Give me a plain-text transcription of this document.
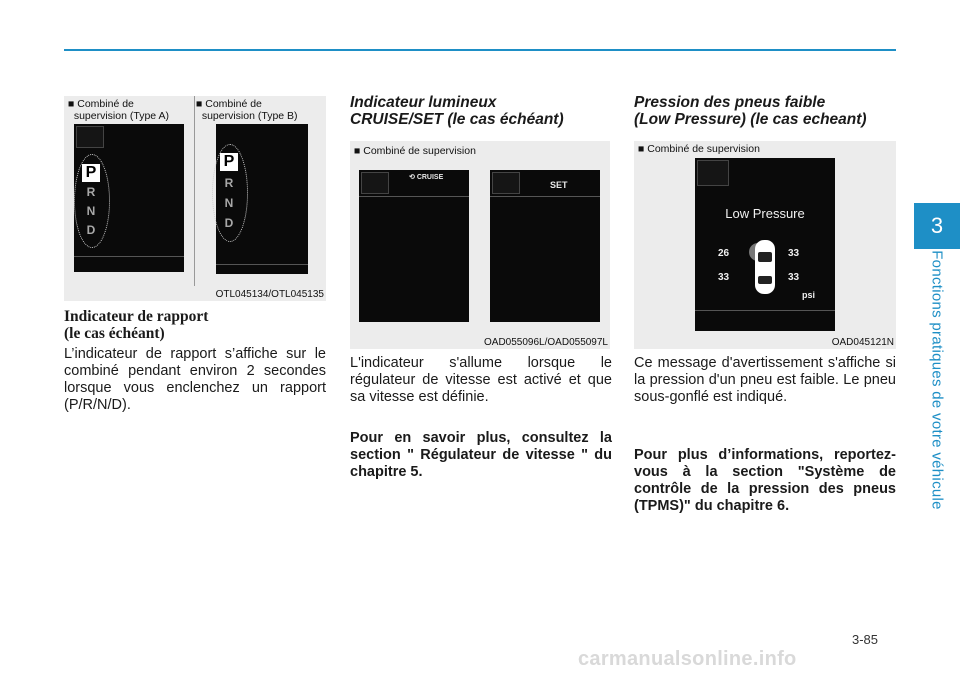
■ Combiné de
supervision (Type A)
■ Combiné de
supervision (Type B)
P
R
N
D
P
R
N
D
OTL045134/OTL045135
Indicateur de rapport
(le cas échéant)
L’indicateur de rapport s’affiche sur le combiné pendant environ 2 secondes lorsque vous enclenchez un rapport (P/R/N/D).
Indicateur lumineux
CRUISE/SET (le cas échéant)
■ Combiné de supervision
⟲ CRUISE
SET
OAD055096L/OAD055097L
L'indicateur s'allume lorsque le régulateur de vitesse est activé et que sa vitesse est définie.
Pour en savoir plus, consultez la section " Régulateur de vitesse " du chapitre 5.
Pression des pneus faible
(Low Pressure) (le cas echeant)
■ Combiné de supervision
Low Pressure
26	33
33	33
psi
OAD045121N
Ce message d'avertissement s'affiche si la pression d'un pneu est faible. Le pneu sous-gonflé est indiqué.
Pour plus d’informations, reportez-vous à la section "Système de contrôle de la pression des pneus (TPMS)" du chapitre 6.
3
Fonctions pratiques de votre véhicule
3-85
carmanualsonline.info
